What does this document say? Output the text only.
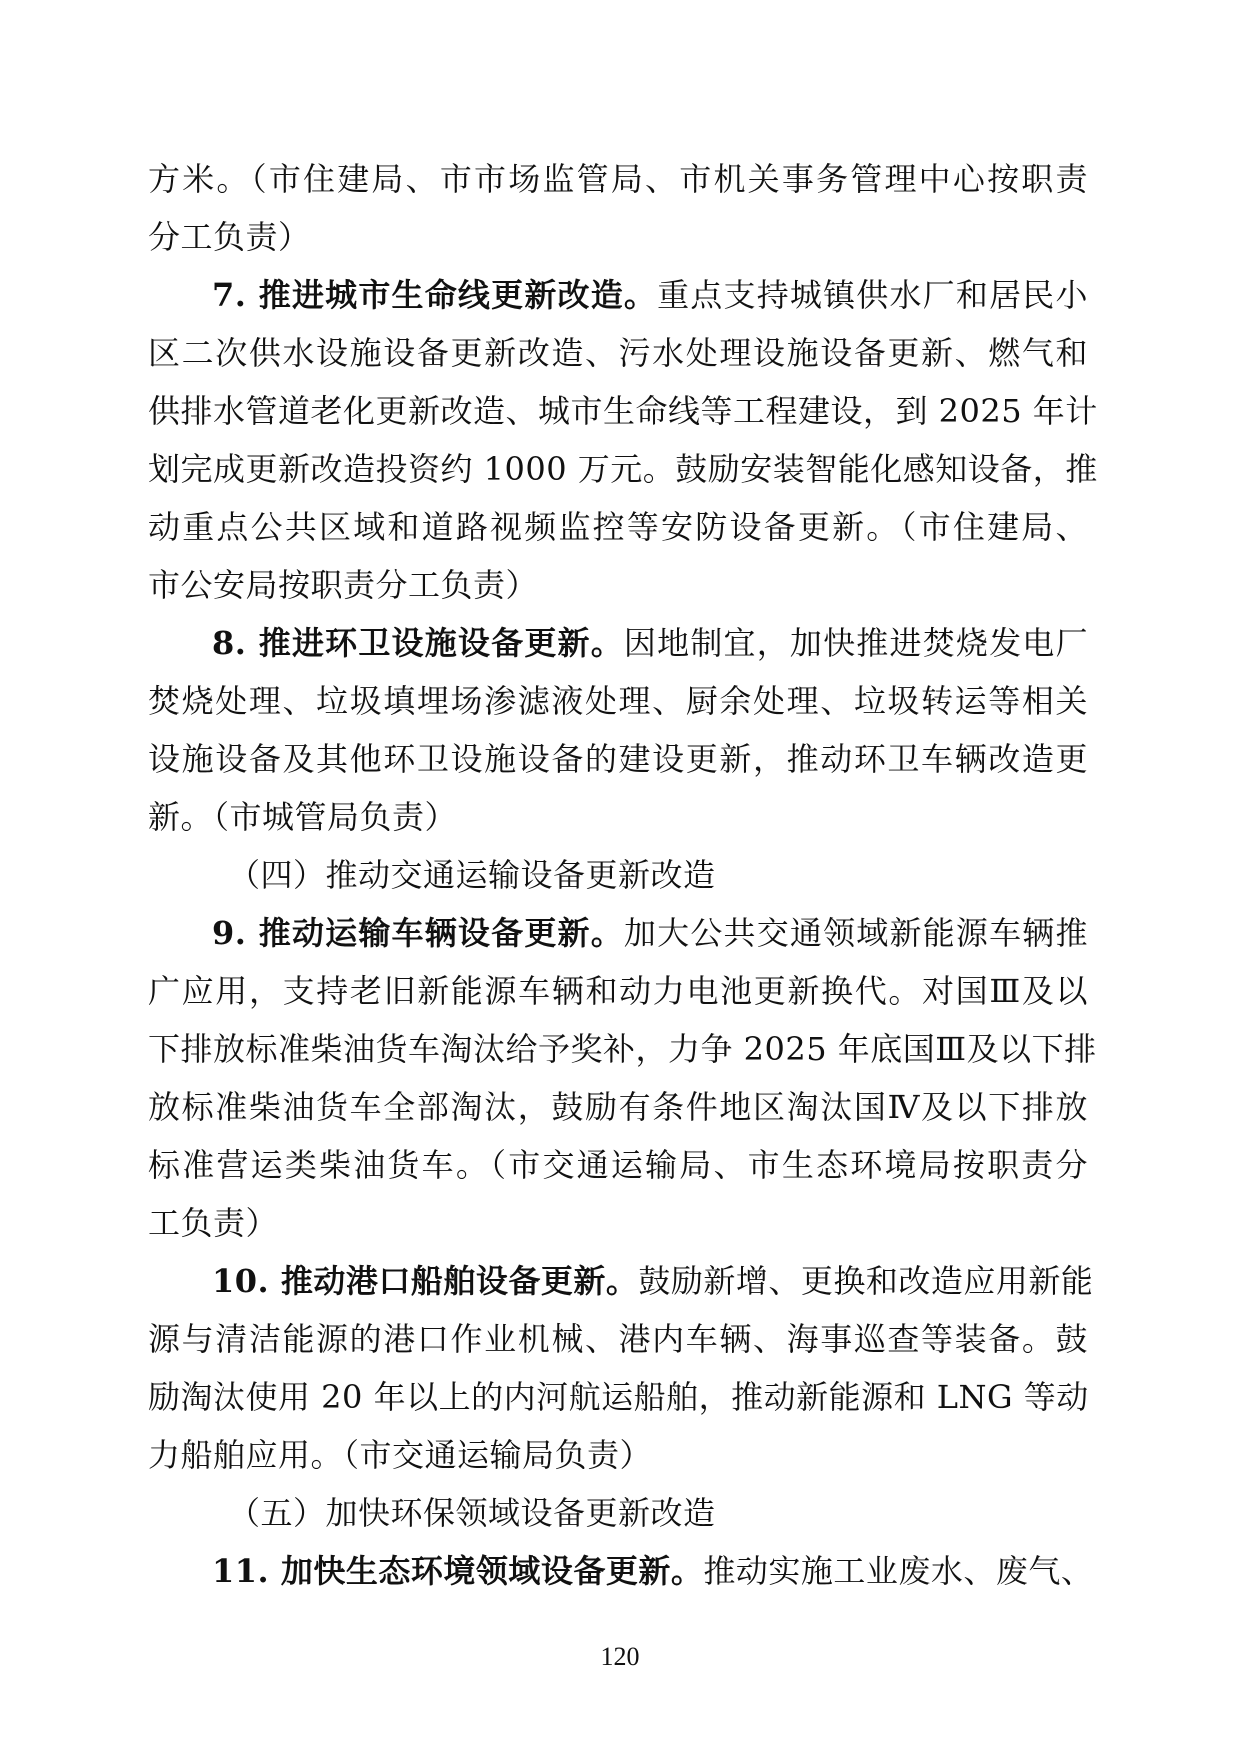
方米。（市住建局、市市场监管局、市机关事务管理中心按职责
分工负责）
7. 推进城市生命线更新改造。重点支持城镇供水厂和居民小
区二次供水设施设备更新改造、污水处理设施设备更新、燃气和
供排水管道老化更新改造、城市生命线等工程建设，到 2025 年计
划完成更新改造投资约 1000 万元。鼓励安装智能化感知设备，推
动重点公共区域和道路视频监控等安防设备更新。（市住建局、
市公安局按职责分工负责）
8. 推进环卫设施设备更新。因地制宜，加快推进焚烧发电厂
焚烧处理、垃圾填埋场渗滤液处理、厨余处理、垃圾转运等相关
设施设备及其他环卫设施设备的建设更新，推动环卫车辆改造更
新。（市城管局负责）
（四）推动交通运输设备更新改造
9. 推动运输车辆设备更新。加大公共交通领域新能源车辆推
广应用，支持老旧新能源车辆和动力电池更新换代。对国Ⅲ及以
下排放标准柴油货车淘汰给予奖补，力争 2025 年底国Ⅲ及以下排
放标准柴油货车全部淘汰，鼓励有条件地区淘汰国Ⅳ及以下排放
标准营运类柴油货车。（市交通运输局、市生态环境局按职责分
工负责）
10. 推动港口船舶设备更新。鼓励新增、更换和改造应用新能
源与清洁能源的港口作业机械、港内车辆、海事巡查等装备。鼓
励淘汰使用 20 年以上的内河航运船舶，推动新能源和 LNG 等动
力船舶应用。（市交通运输局负责）
（五）加快环保领域设备更新改造
11. 加快生态环境领域设备更新。推动实施工业废水、废气、
120
